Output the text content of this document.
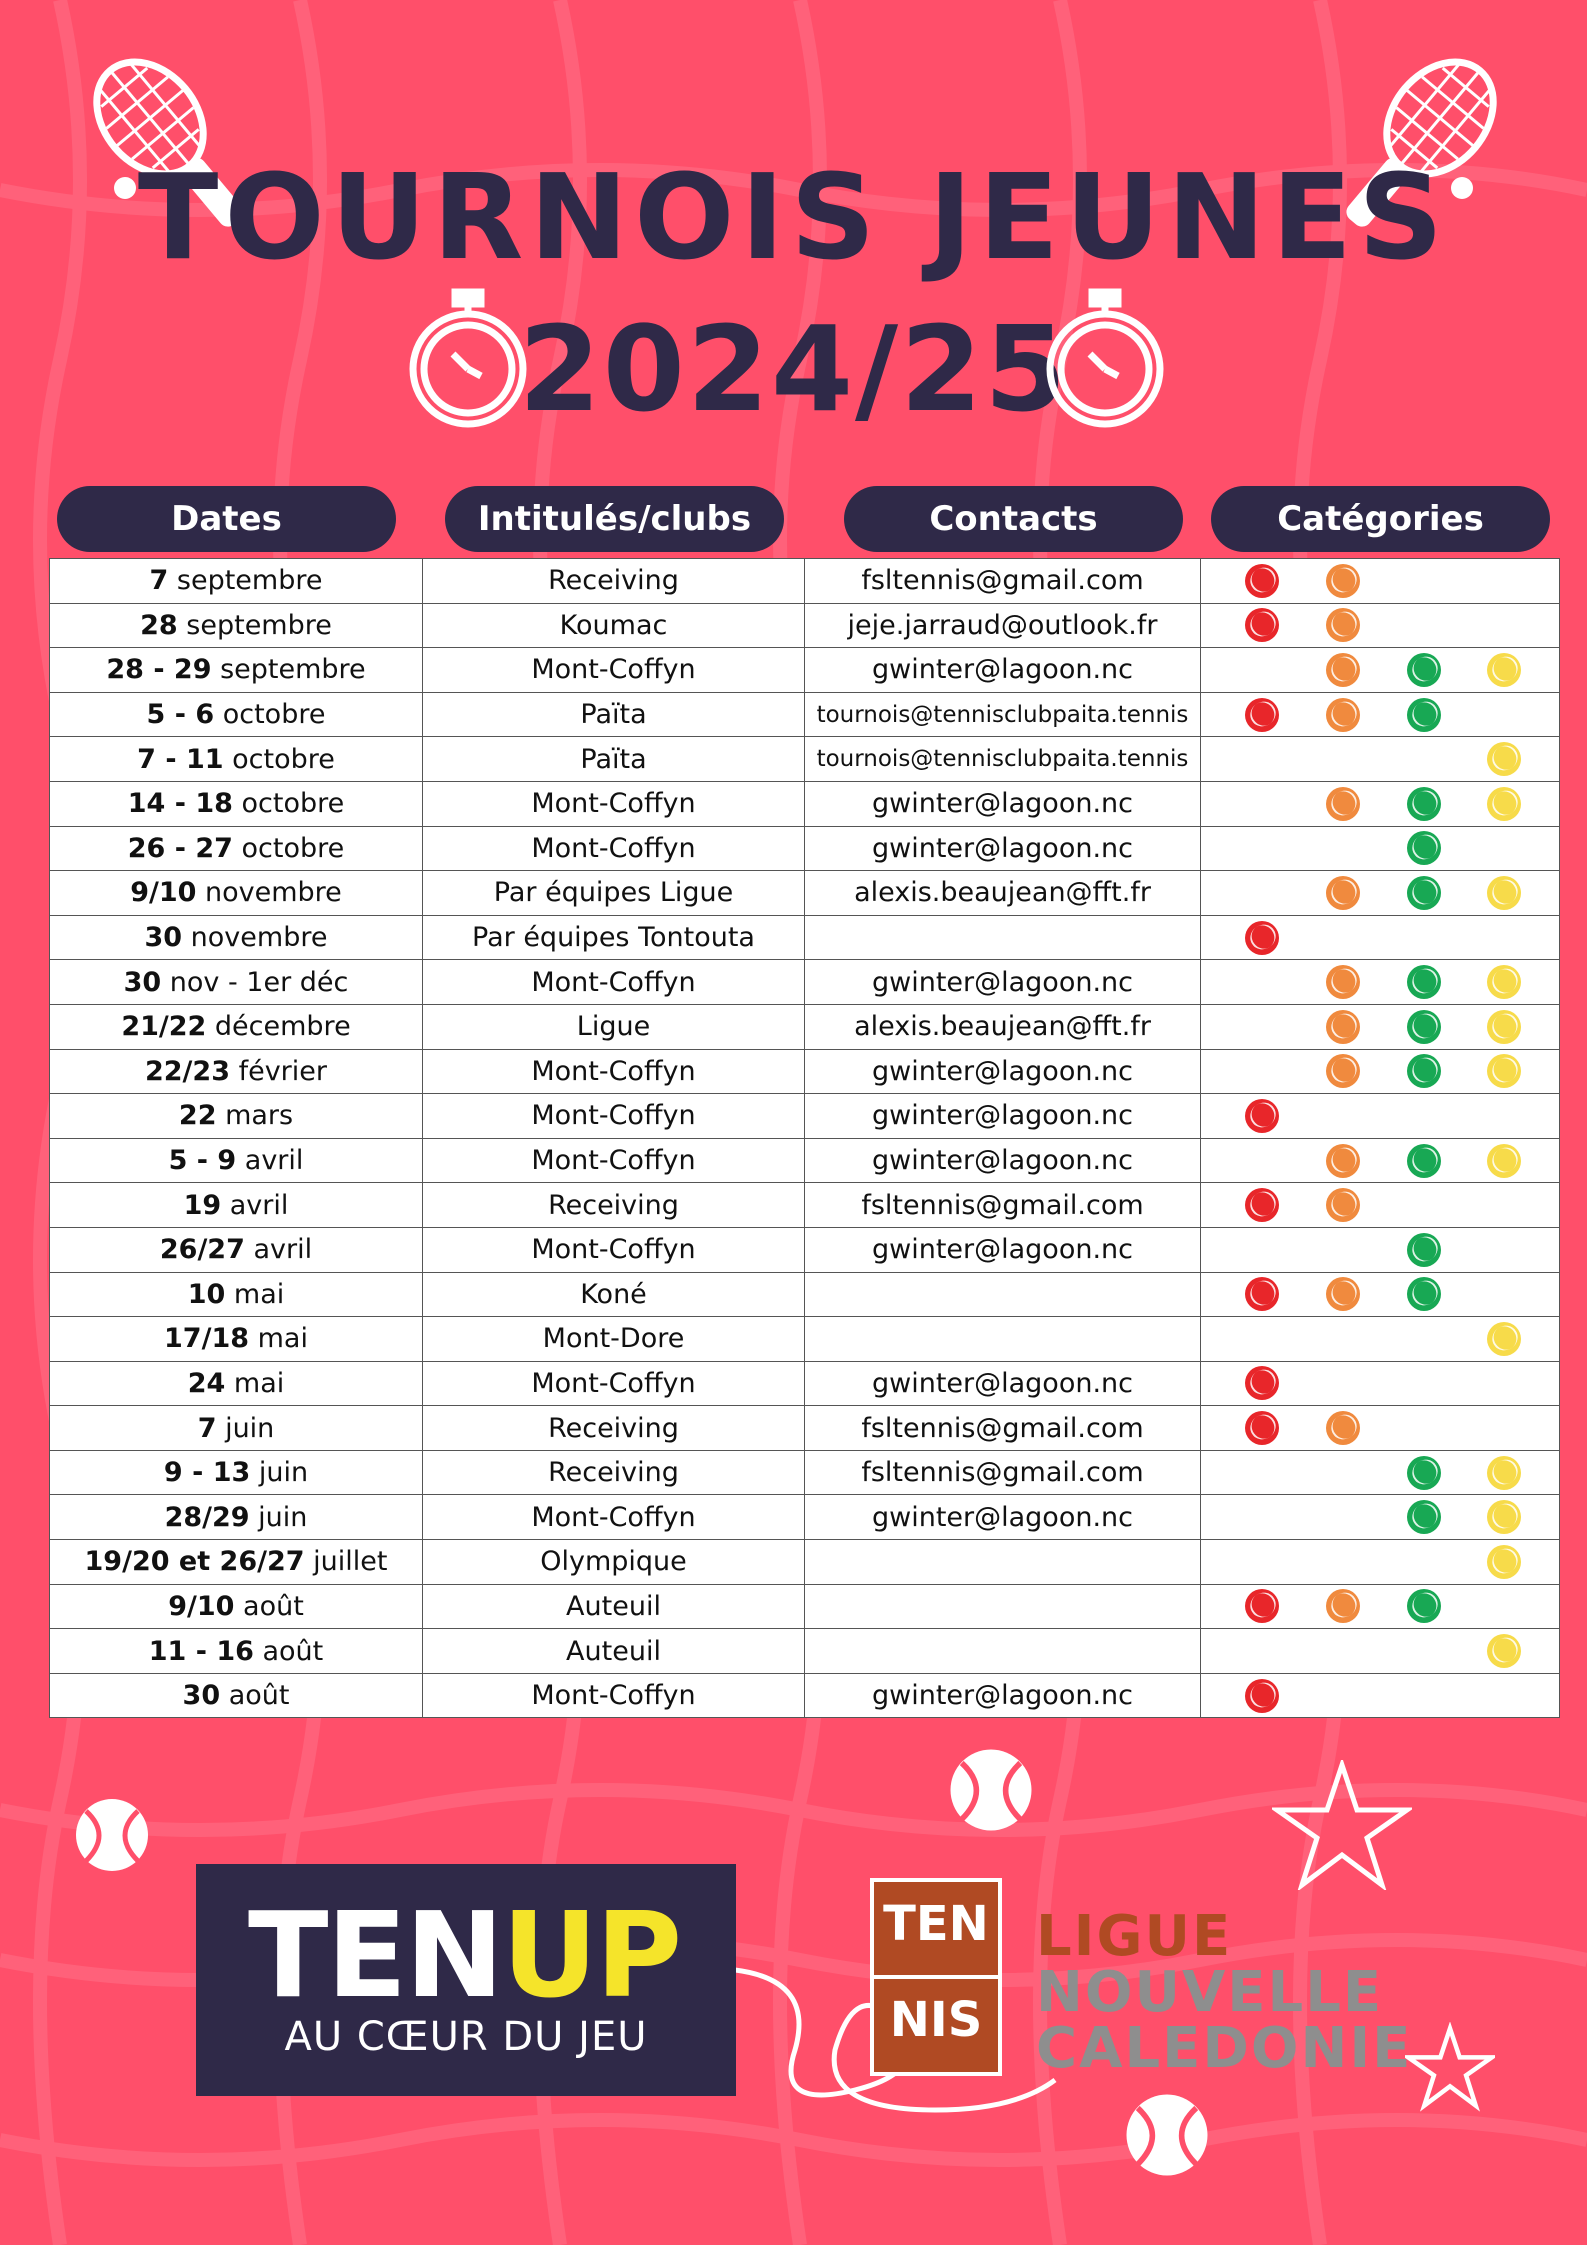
TOURNOIS JEUNES
2024/25
Dates	Intitulés/clubs	Contacts	Catégories
7 septembre	Receiving	fsltennis@gmail.com	

28 septembre	Koumac	jeje.jarraud@outlook.fr	

28 - 29 septembre	Mont-Coffyn	gwinter@lagoon.nc	

5 - 6 octobre	Païta	tournois@tennisclubpaita.tennis	

7 - 11 octobre	Païta	tournois@tennisclubpaita.tennis	

14 - 18 octobre	Mont-Coffyn	gwinter@lagoon.nc	

26 - 27 octobre	Mont-Coffyn	gwinter@lagoon.nc	

9/10 novembre	Par équipes Ligue	alexis.beaujean@fft.fr	

30 novembre	Par équipes Tontouta		

30 nov - 1er déc	Mont-Coffyn	gwinter@lagoon.nc	

21/22 décembre	Ligue	alexis.beaujean@fft.fr	

22/23 février	Mont-Coffyn	gwinter@lagoon.nc	

22 mars	Mont-Coffyn	gwinter@lagoon.nc	

5 - 9 avril	Mont-Coffyn	gwinter@lagoon.nc	

19 avril	Receiving	fsltennis@gmail.com	

26/27 avril	Mont-Coffyn	gwinter@lagoon.nc	

10 mai	Koné		

17/18 mai	Mont-Dore		

24 mai	Mont-Coffyn	gwinter@lagoon.nc	

7 juin	Receiving	fsltennis@gmail.com	

9 - 13 juin	Receiving	fsltennis@gmail.com	

28/29 juin	Mont-Coffyn	gwinter@lagoon.nc	

19/20 et 26/27 juillet	Olympique		

9/10 août	Auteuil		

11 - 16 août	Auteuil		

30 août	Mont-Coffyn	gwinter@lagoon.nc	
TENUP
AU CŒUR DU JEU
TEN
NIS
LIGUE
NOUVELLE
CALEDONIE
